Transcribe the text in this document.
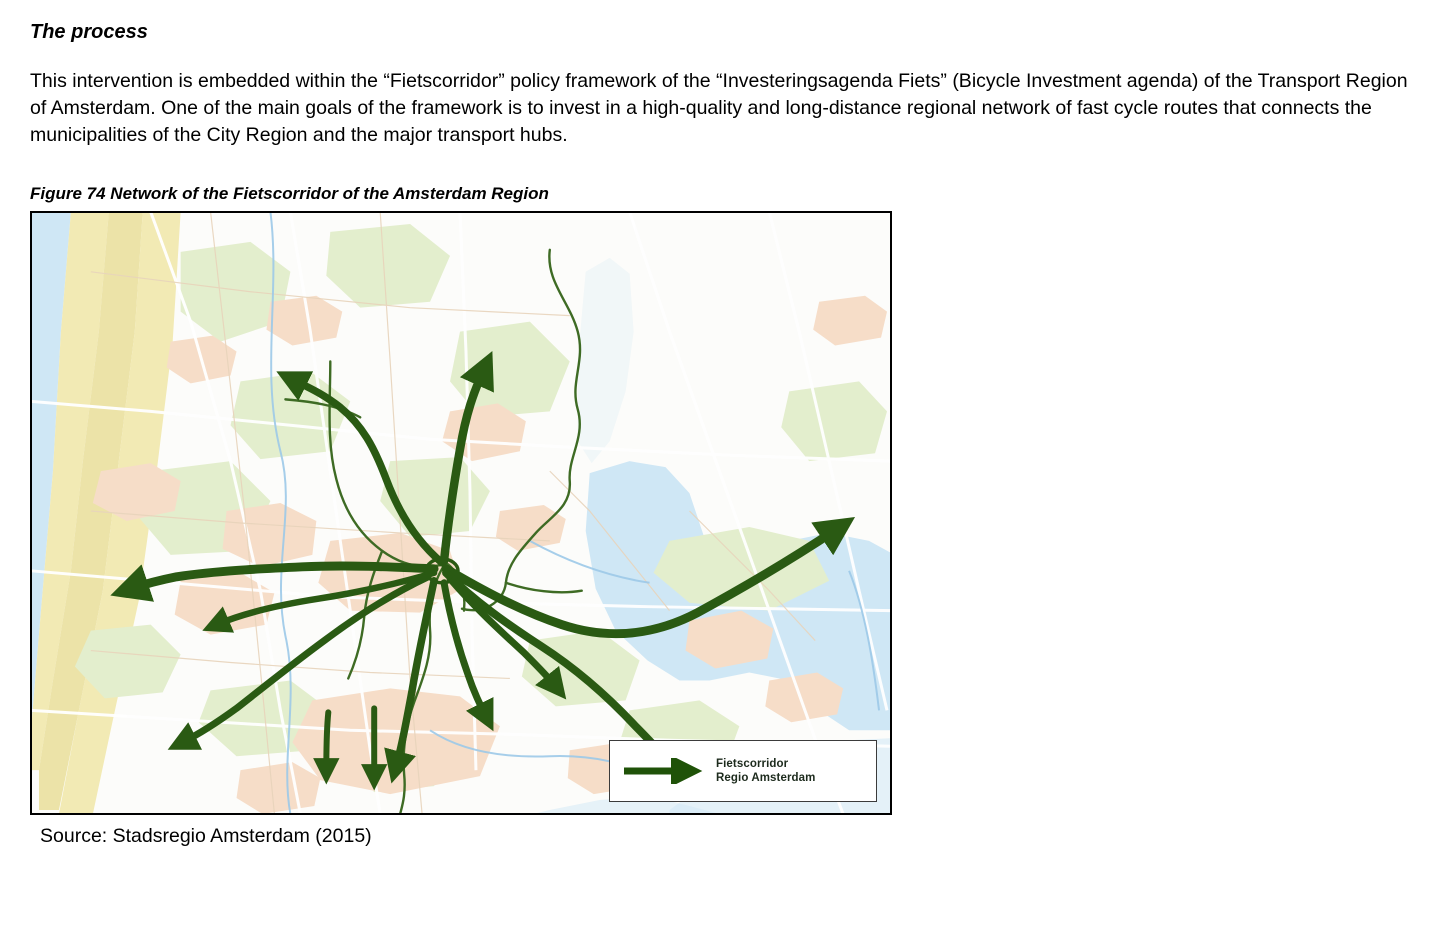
The process

This intervention is embedded within the “Fietscorridor” policy framework of the “Investeringsagenda Fiets” (Bicycle Investment agenda) of the Transport Region of Amsterdam. One of the main goals of the framework is to invest in a high-quality and long-distance regional network of fast cycle routes that connects the municipalities of the City Region and the major transport hubs.

Figure 74 Network of the Fietscorridor of the Amsterdam Region
Fietscorridor
Regio Amsterdam
Source: Stadsregio Amsterdam (2015)
